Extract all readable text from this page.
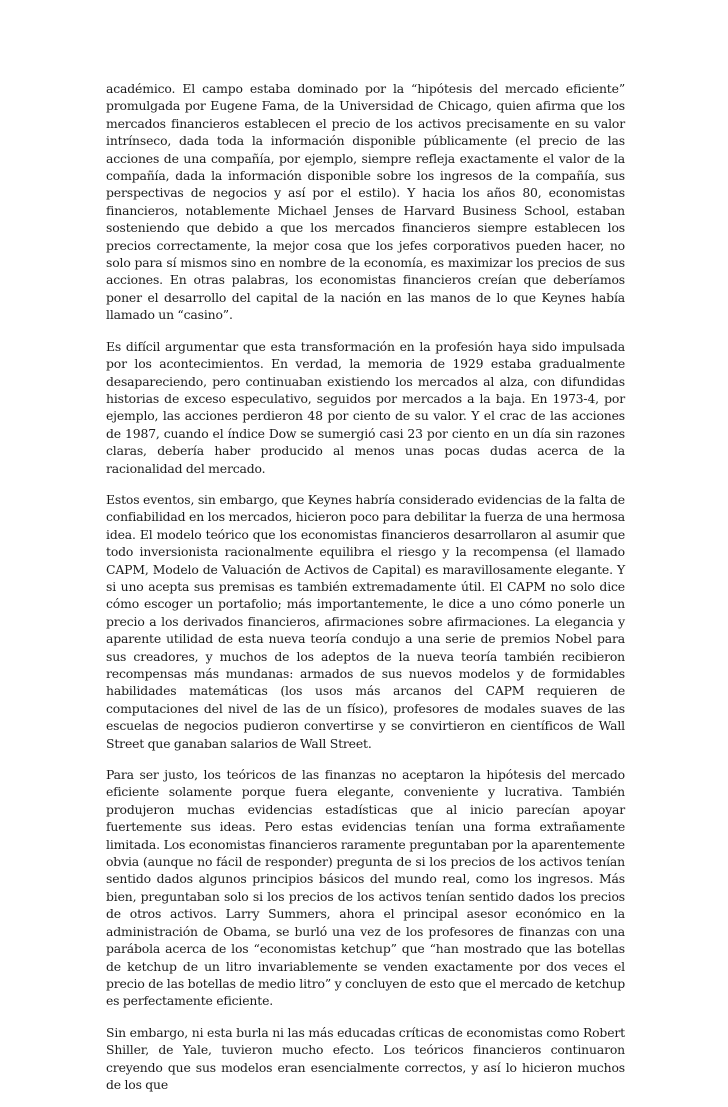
académico. El campo estaba dominado por la “hipótesis del mercado eficiente” promulgada por Eugene Fama, de la Universidad de Chicago, quien afirma que los mercados financieros establecen el precio de los activos precisamente en su valor intrínseco, dada toda la información disponible públicamente (el precio de las acciones de una compañía, por ejemplo, siempre refleja exactamente el valor de la compañía, dada la información disponible sobre los ingresos de la compañía, sus perspectivas de negocios y así por el estilo). Y hacia los años 80, economistas financieros, notablemente Michael Jenses de Harvard Business School, estaban sosteniendo que debido a que los mercados financieros siempre establecen los precios correctamente, la mejor cosa que los jefes corporativos pueden hacer, no solo para sí mismos sino en nombre de la economía, es maximizar los precios de sus acciones. En otras palabras, los economistas financieros creían que deberíamos poner el desarrollo del capital de la nación en las manos de lo que Keynes había llamado un “casino”.

Es difícil argumentar que esta transformación en la profesión haya sido impulsada por los acontecimientos. En verdad, la memoria de 1929 estaba gradualmente desapareciendo, pero continuaban existiendo los mercados al alza, con difundidas historias de exceso especulativo, seguidos por mercados a la baja. En 1973-4, por ejemplo, las acciones perdieron 48 por ciento de su valor. Y el crac de las acciones de 1987, cuando el índice Dow se sumergió casi 23 por ciento en un día sin razones claras, debería haber producido al menos unas pocas dudas acerca de la racionalidad del mercado.

Estos eventos, sin embargo, que Keynes habría considerado evidencias de la falta de confiabilidad en los mercados, hicieron poco para debilitar la fuerza de una hermosa idea. El modelo teórico que los economistas financieros desarrollaron al asumir que todo inversionista racionalmente equilibra el riesgo y la recompensa (el llamado CAPM, Modelo de Valuación de Activos de Capital) es maravillosamente elegante. Y si uno acepta sus premisas es también extremadamente útil. El CAPM no solo dice cómo escoger un portafolio; más importantemente, le dice a uno cómo ponerle un precio a los derivados financieros, afirmaciones sobre afirmaciones. La elegancia y aparente utilidad de esta nueva teoría condujo a una serie de premios Nobel para sus creadores, y muchos de los adeptos de la nueva teoría también recibieron recompensas más mundanas: armados de sus nuevos modelos y de formidables habilidades matemáticas (los usos más arcanos del CAPM requieren de computaciones del nivel de las de un físico), profesores de modales suaves de las escuelas de negocios pudieron convertirse y se convirtieron en científicos de Wall Street que ganaban salarios de Wall Street.

Para ser justo, los teóricos de las finanzas no aceptaron la hipótesis del mercado eficiente solamente porque fuera elegante, conveniente y lucrativa. También produjeron muchas evidencias estadísticas que al inicio parecían apoyar fuertemente sus ideas. Pero estas evidencias tenían una forma extrañamente limitada. Los economistas financieros raramente preguntaban por la aparentemente obvia (aunque no fácil de responder) pregunta de si los precios de los activos tenían sentido dados algunos principios básicos del mundo real, como los ingresos. Más bien, preguntaban solo si los precios de los activos tenían sentido dados los precios de otros activos. Larry Summers, ahora el principal asesor económico en la administración de Obama, se burló una vez de los profesores de finanzas con una parábola acerca de los “economistas ketchup” que “han mostrado que las botellas de ketchup de un litro invariablemente se venden exactamente por dos veces el precio de las botellas de medio litro” y concluyen de esto que el mercado de ketchup es perfectamente eficiente.

Sin embargo, ni esta burla ni las más educadas críticas de economistas como Robert Shiller, de Yale, tuvieron mucho efecto. Los teóricos financieros continuaron creyendo que sus modelos eran esencialmente correctos, y así lo hicieron muchos de los que
